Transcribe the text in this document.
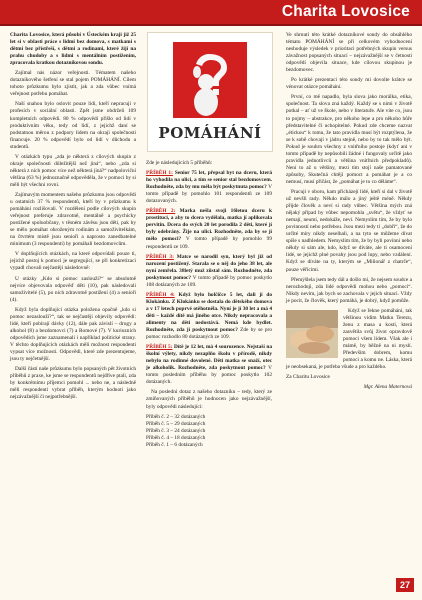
Charita Lovosice

Charita Lovosice, která působí v Ústeckém kraji již 25 let si v oblasti práce s lidmi bez domova, s matkami s dětmi bez přístřeší, s dětmi a rodinami, které žijí na prahu chudoby a s lidmi s mentálním postižením, zpracovala kratkou dotazníkovou sondu.

Zajímal nás názor veřejnosti. Tématem našeho dotazníkového šetření se stal pojem POMÁHÁNÍ. Cílem tohoto průzkumu bylo zjistit, jak a zda vůbec vnímá veřejnost potřebu pomáhat.

Naší snahou bylo oslovit pouze lidi, kteří nepracují v profesích v sociální oblasti. Zpět jsme obdrželi 109 kompletních odpovědí. 80 % odpovědí přišlo od lidí v produktivním věku, tedy od lidí, z jejichž daní se podstatnou měrou z podpory lidem na okraji společnosti financuje. 20 % odpovědí bylo od lidí v důchodu a studentů.

V otázkách typu „zda je některá z cílových skupin z okraje společnosti důležitější než jiná“, nebo „zda si některá z nich pomoc více než některá jiná?“ nadpoloviční většina (63 %) jednoznačně odpověděla, že v pomoci by si měli být všechni rovni.

Zajímavým momentem našeho průzkumu jsou odpovědi u ostatních 37 % respondentů, kteří by v průzkumu k pomáhání rozlišovali. V rozdělení podle cílových skupin veřejnost preferuje zdravotně, mentálně a psychicky postižené spoluobčany, v těsném závěsu jsou děti, pak by se mělo pomáhat ohroženým rodinám a samoživitelkám, na čtvrtém místě jsou senioři a naprosto zanedbatelné minimum (3 respondenti) by pomáhali bezdomovcům.

V doplňujících otázkách, na které odpovídali pouze ti, jejichž postoj k pomoci je segregující, se při konkretizaci vypadl chovali nejčastěji následovně:

U otázky „Kdo si pomoc zaslouží?“ se absolutně nejvíce objevovala odpověď děti (10), pak následovali samoživitelé (5), po nich zdravotně postižení (4) a senioři (4).

Když byla doplňující otázka položena opačně „kdo si pomoc nezaslouží?“, tak se nejčastěji objevily odpovědi: lidé, kteří pobírají dávky (12), dále pak závislí – drogy a alkohol (8) a bezdomovci (7) a Romové (7). V kuriozních odpovědích jsme zaznamenali i například politické strany. V těchto doplňujících otázkách měli možnost respondenti vypsat více možností. Odpovědi, které zde prezentujeme, jsou ty nejčetnější.

Další částí naše průzkumu bylo popsaných pět životních příběhů z praxe, ke jsme se respondentů nejdříve ptali, zda by konkrétnímu příjemci pomohl ... nebo ne, a následně měli respondenti vybrat příběh, kterým hodnotí jako nejzávažnější či nejpotřebnější.

POMÁHÁNÍ

Zde je následujících 5 příběhů:

PŘÍBĚH 1: Senior 75 let, přepsal byt na dceru, která ho vyhodila na ulici, a tím se senior stal bezdomovcem. Rozhodněte, zda by mu měla být poskytnuta pomoc? V tomto případě by pomohlo 101 respondentů ze 109 dotazovaných.

PŘÍBĚH 2: Marka nešla svoji 16letou dceru k prostituci, a aby to dcera vydělala, matka jí aplikovala pervitin. Dcera do svých 20 let porodila 2 děti, které jí byly odebrány. Žije na ulici. Rozhodněte, zda by se jí mělo pomoci? V tomto případě by pomohlo 99 respondentů ze 109.

PŘÍBĚH 3: Matce se narodil syn, který byl již od narození postižený. Starala se o něj do jeho 38 let, ale nyní zemřela. 38letý muž zůstal sám. Rozhodněte, zda poskytnout pomoc? V tomto případě by pomoc poskytlo 108 dotázaných ze 109.

PŘÍBĚH 4: Když bylo holčičce 5 let, dali jí do Klokánku. Z Klokánku se dostala do dětského domova a v 17 letech poprvé otěhotněla. Nyní je jí 30 let a má 4 děti – každé dítě má jiného otce. Nikdy nepracovala a alimenty na děti nedostává. Nemá kde bydlet. Rozhodněte, zda jí poskytnout pomoc? Zde by se pro pomoc rozhodlo 80 dotázaných ze 109.

PŘÍBĚH 5: Dítě je 12 let, má 4 sourozence. Nejstaší na školní výlety, nikdy nezaplňo školu v přírodě, nikdy nebylo na rodinné dovolené. Děti matka se snaží, otec je alkoholik. Rozhodněte, zda poskytnout pomoc? V tomto posledním příběhu by pomoc poskytlo 102 dotázaných.

Na poslední dotaz z našeho dotazníku – tedy, který ze zmiňovaných příběhů je hodnocen jako nejzávažnější, byly odpovědi následující:

Příběh č. 2 – 32 dotázaných
Příběh č. 5 – 29 dotázaných
Příběh č. 3 – 24 dotázaných
Příběh č. 4 – 18 dotázaných
Příběh č. 1 – 6 dotázaných

Ve shrnutí této krátké dotazníkové sondy do obsáhlého tématu POMÁHÁNÍ se při celkovém vyhodnocení neshoduje výsledek v prioritaci potřebných skupin versus závažnost popsaných situací – nejzávažnější se v četnosti odpovědí objevila situace, kde cílovou skupinou je bezdomovec.

Po krátké prezentaci této sondy mi dovolte krátce se vénovat otázce pomáhání.

První, co mě napadlo, byla slova jako morálka, etika, společnost. Ta slova zná každý. Každý se s nimi v životě potkal – ať už ve škole, nebo v literatuře. Ale víte co, jsou to pojmy – abstrakce, pro někoho lepe a pro někoho hůře představitelné či uchopitelné. Pokud zde chceme nazvat „étickou“ k tomu, že tato pravidla musí být rozptýlena, že se k sobě chovají v jádru stejně, nebo by to tak mělo být. Pokud je souhrn všechny z vnitřního postoje (kdyť ani v tomto případě by nepůsobili žádné i fungovaly určitě jako pravidla jednotlivců a většina vnitřních předpokladů). Není to až u většiny, mezi tím stojí naše pamatované způsoby, Skutečná chtějí pomoct a pomáhat je a co nemusí, musí přičást, že „pomáhat je to co děláme“.

Pracuji v oboru, kam přicházejí lidé, kteří si dal v životě už nevšli rady. Někdo málo a jiný ještě méně. Někdy přijde člověk a neví si rady vůbec. Většina mých zná nějaký případ by vůbec nepomohla „světu“, že vždyť se nemají, neumí, nedokáže, neví. Nemyslím tím, že by bylo povinností nebo potřebou. Jsou mezi tedy ti „dobří“, že do určité míry nikdy neselhali, a na tyto se můžeme dívat spíše s nadhledem. Nemyslím tím, že by byli povinni nebo někdy si sám ale, kdo, když se díváte, ale ti osamocení lidé, se jejichž plné povahy jsou pod lupy, nebo vzdálení. Když se díváte na ty, kterým se „Milionář z chatrče“, pouze věřícími.

Přemýšlela jsem tedy dál a došlo mi, že nejsem soudce a nerozhoduji, zda lidé odpovědí mohou nebo „pomoci“. Nikdy nevím, jak bych se zachovala v jejich situaci. Vždy je pocit, že člověk, který pomáhá, je dobrý, když pomůže.

Když se řekne pomáhání, tak většinou vidím Matku Terezu, ženu z masa a kostí, která zasvětila svůj život opravdově pomoci všem lidem. Však ale i mámě, by běžně na ni myslí. Především dobrem, komu pomoci a komu ne. Láska, která je neobsekaná, je potřeba všude a pro každého.

Za Charitu Lovosice

Mgr. Alena Maternová

27
